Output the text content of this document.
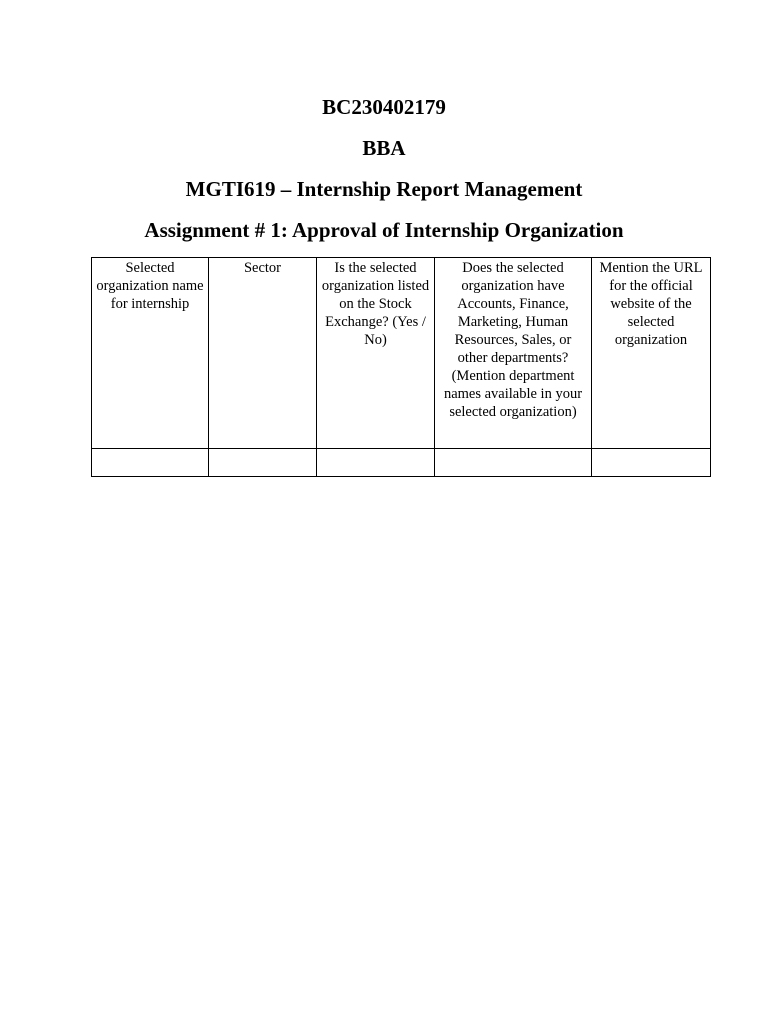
BC230402179
BBA
MGTI619 – Internship Report Management
Assignment # 1: Approval of Internship Organization
Selected organization name for internship	Sector	Is the selected organization listed on the Stock Exchange? (Yes / No)	Does the selected organization have Accounts, Finance, Marketing, Human Resources, Sales, or other departments? (Mention department names available in your selected organization)	Mention the URL for the official website of the selected organization
